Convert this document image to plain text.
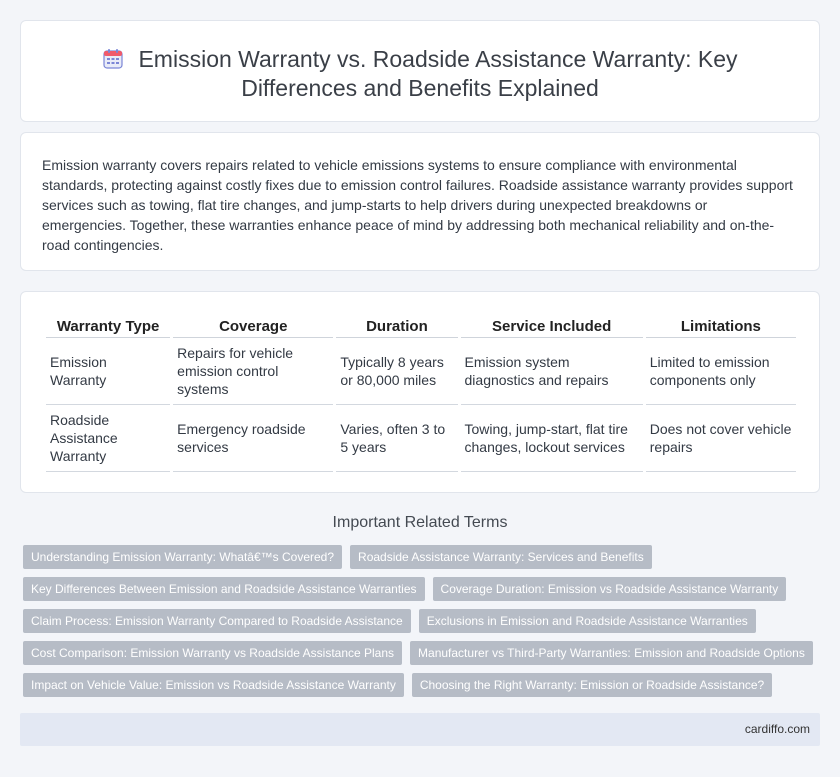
Emission Warranty vs. Roadside Assistance Warranty: Key
Differences and Benefits Explained

Emission warranty covers repairs related to vehicle emissions systems to ensure compliance with environmental standards, protecting against costly fixes due to emission control failures. Roadside assistance warranty provides support services such as towing, flat tire changes, and jump-starts to help drivers during unexpected breakdowns or emergencies. Together, these warranties enhance peace of mind by addressing both mechanical reliability and on-the-road contingencies.

Warranty Type	Coverage	Duration	Service Included	Limitations
Emission Warranty	Repairs for vehicle emission control systems	Typically 8 years or 80,000 miles	Emission system diagnostics and repairs	Limited to emission components only
Roadside Assistance Warranty	Emergency roadside services	Varies, often 3 to 5 years	Towing, jump-start, flat tire changes, lockout services	Does not cover vehicle repairs
Important Related Terms
Understanding Emission Warranty: Whatâ€™s Covered?	Roadside Assistance Warranty: Services and Benefits
Key Differences Between Emission and Roadside Assistance Warranties	Coverage Duration: Emission vs Roadside Assistance Warranty
Claim Process: Emission Warranty Compared to Roadside Assistance	Exclusions in Emission and Roadside Assistance Warranties
Cost Comparison: Emission Warranty vs Roadside Assistance Plans	Manufacturer vs Third-Party Warranties: Emission and Roadside Options
Impact on Vehicle Value: Emission vs Roadside Assistance Warranty	Choosing the Right Warranty: Emission or Roadside Assistance?
cardiffo.com
